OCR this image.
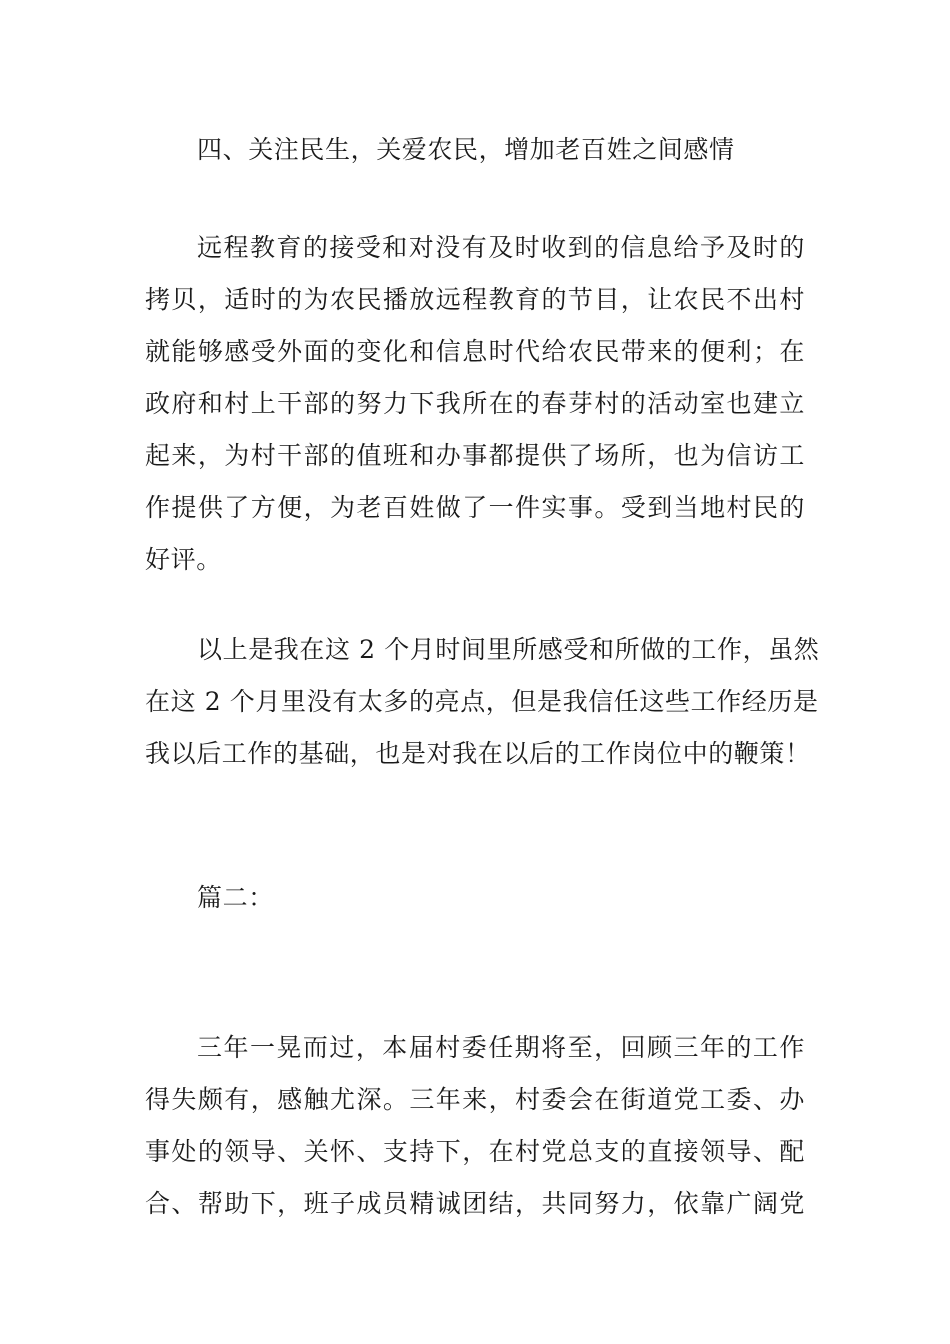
四、关注民生，关爱农民，增加老百姓之间感情
远程教育的接受和对没有及时收到的信息给予及时的
拷贝，适时的为农民播放远程教育的节目，让农民不出村
就能够感受外面的变化和信息时代给农民带来的便利；在
政府和村上干部的努力下我所在的春芽村的活动室也建立
起来，为村干部的值班和办事都提供了场所，也为信访工
作提供了方便，为老百姓做了一件实事。受到当地村民的
好评。
以上是我在这 2 个月时间里所感受和所做的工作，虽然
在这 2 个月里没有太多的亮点，但是我信任这些工作经历是
我以后工作的基础，也是对我在以后的工作岗位中的鞭策！
篇二：
三年一晃而过，本届村委任期将至，回顾三年的工作
得失颇有，感触尤深。三年来，村委会在街道党工委、办
事处的领导、关怀、支持下，在村党总支的直接领导、配
合、帮助下，班子成员精诚团结，共同努力，依靠广阔党
